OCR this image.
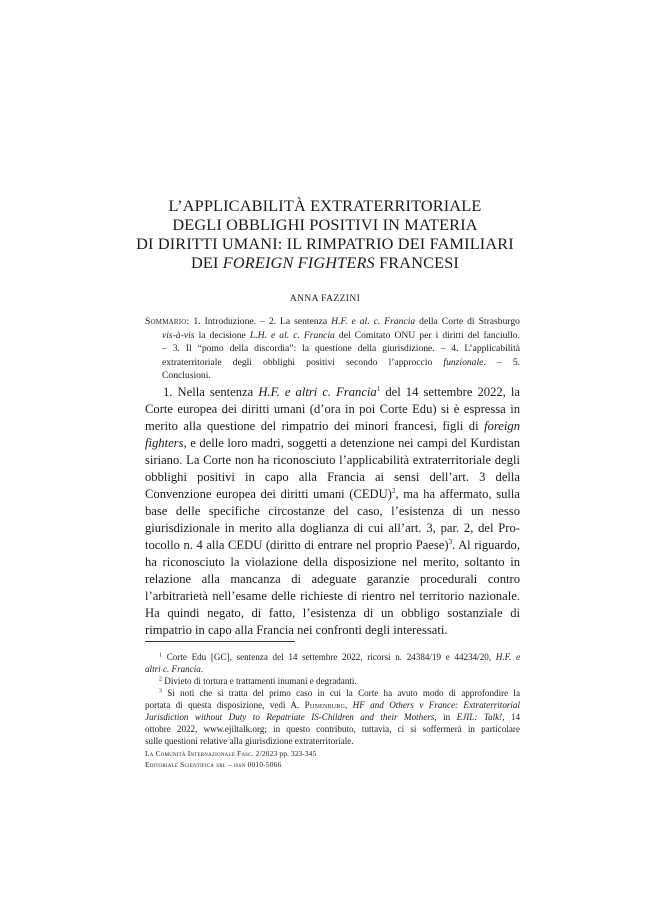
L’APPLICABILITÀ EXTRATERRITORIALE
DEGLI OBBLIGHI POSITIVI IN MATERIA
DI DIRITTI UMANI: IL RIMPATRIO DEI FAMILIARI
DEI FOREIGN FIGHTERS FRANCESI
ANNA FAZZINI
Sommario: 1. Introduzione. – 2. La sentenza H.F. e al. c. Francia della Corte di Strasburgo
vis-à-vis la decisione L.H. e al. c. Francia del Comitato ONU per i diritti del fanciullo.
– 3. Il “pomo della discordia”: la questione della giurisdizione. – 4. L’applicabilità
extraterritoriale degli obblighi positivi secondo l’approccio funzionale. – 5.
Conclusioni.
1. Nella sentenza H.F. e altri c. Francia$^1$ del 14 settembre 2022, la
Corte europea dei diritti umani (d’ora in poi Corte Edu) si è espressa in
merito alla questione del rimpatrio dei minori francesi, figli di foreign
fighters, e delle loro madri, soggetti a detenzione nei campi del Kurdistan
siriano. La Corte non ha riconosciuto l’applicabilità extraterritoriale degli
obblighi positivi in capo alla Francia ai sensi dell’art. 3 della
Convenzione europea dei diritti umani (CEDU)$^2$, ma ha affermato, sulla
base delle specifiche circostanze del caso, l’esistenza di un nesso
giurisdizionale in merito alla doglianza di cui all’art. 3, par. 2, del Pro-
tocollo n. 4 alla CEDU (diritto di entrare nel proprio Paese)$^3$. Al riguardo,
ha riconosciuto la violazione della disposizione nel merito, soltanto in
relazione alla mancanza di adeguate garanzie procedurali contro
l’arbitrarietà nell’esame delle richieste di rientro nel territorio nazionale.
Ha quindi negato, di fatto, l’esistenza di un obbligo sostanziale di
rimpatrio in capo alla Francia nei confronti degli interessati.
$^1$ Corte Edu [GC], sentenza del 14 settembre 2022, ricorsi n. 24384/19 e 44234/20, H.F. e
altri c. Francia.
$^2$ Divieto di tortura e trattamenti inumani e degradanti.
$^3$ Si noti che si tratta del primo caso in cui la Corte ha avuto modo di approfondire la
portata di questa disposizione, vedi A. Pijnenburg, HF and Others v France: Extraterritorial
Jurisdiction without Duty to Repatriate IS-Children and their Mothers, in EJIL: Talk!, 14
ottobre 2022, www.ejiltalk.org; in questo contributo, tuttavia, ci si soffermerà in particolare
sulle questioni relative alla giurisdizione extraterritoriale.
La Comunità Internazionale Fasc. 2/2023 pp. 323-345
Editoriale Scientifica srl – issn 0010-5066
